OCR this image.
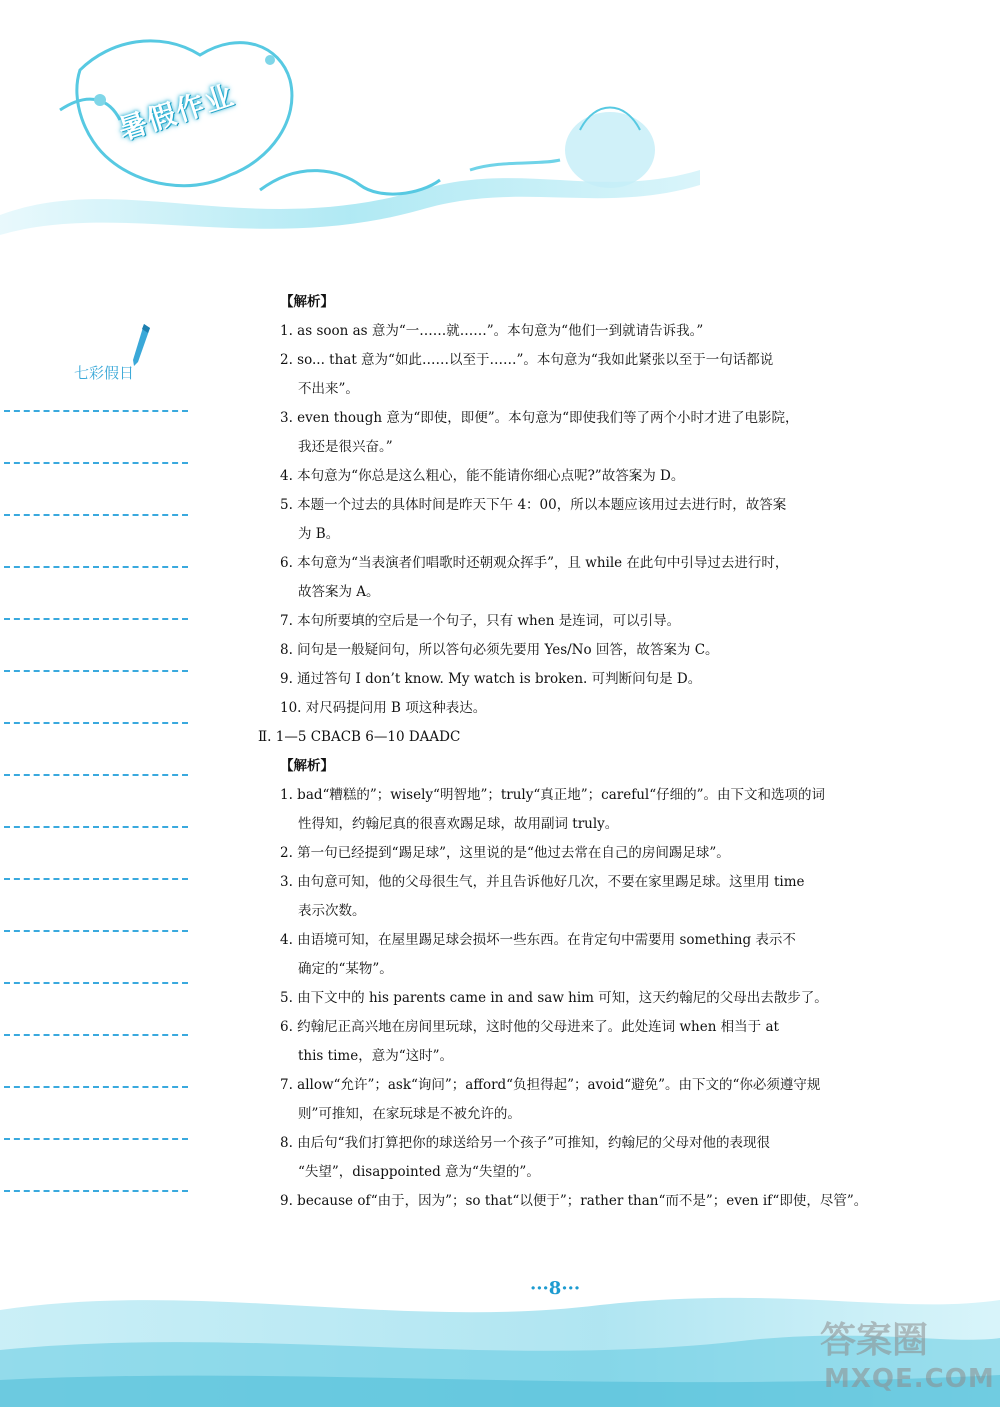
暑假作业
七彩假日
【解析】
1. as soon as 意为“一……就……”。本句意为“他们一到就请告诉我。”
2. so... that 意为“如此……以至于……”。本句意为“我如此紧张以至于一句话都说
不出来”。
3. even though 意为“即使，即便”。本句意为“即使我们等了两个小时才进了电影院，
我还是很兴奋。”
4. 本句意为“你总是这么粗心，能不能请你细心点呢?”故答案为 D。
5. 本题一个过去的具体时间是昨天下午 4：00，所以本题应该用过去进行时，故答案
为 B。
6. 本句意为“当表演者们唱歌时还朝观众挥手”，且 while 在此句中引导过去进行时，
故答案为 A。
7. 本句所要填的空后是一个句子，只有 when 是连词，可以引导。
8. 问句是一般疑问句，所以答句必须先要用 Yes/No 回答，故答案为 C。
9. 通过答句 I don’t know. My watch is broken. 可判断问句是 D。
10. 对尺码提问用 B 项这种表达。
Ⅱ. 1—5 CBACB 6—10 DAADC
【解析】
1. bad“糟糕的”；wisely“明智地”；truly“真正地”；careful“仔细的”。由下文和选项的词
性得知，约翰尼真的很喜欢踢足球，故用副词 truly。
2. 第一句已经提到“踢足球”，这里说的是“他过去常在自己的房间踢足球”。
3. 由句意可知，他的父母很生气，并且告诉他好几次，不要在家里踢足球。这里用 time
表示次数。
4. 由语境可知，在屋里踢足球会损坏一些东西。在肯定句中需要用 something 表示不
确定的“某物”。
5. 由下文中的 his parents came in and saw him 可知，这天约翰尼的父母出去散步了。
6. 约翰尼正高兴地在房间里玩球，这时他的父母进来了。此处连词 when 相当于 at
this time，意为“这时”。
7. allow“允许”；ask“询问”；afford“负担得起”；avoid“避免”。由下文的“你必须遵守规
则”可推知，在家玩球是不被允许的。
8. 由后句“我们打算把你的球送给另一个孩子”可推知，约翰尼的父母对他的表现很
“失望”，disappointed 意为“失望的”。
9. because of“由于，因为”；so that“以便于”；rather than“而不是”；even if“即使，尽管”。
···8···
答案圈
MXQE.COM
